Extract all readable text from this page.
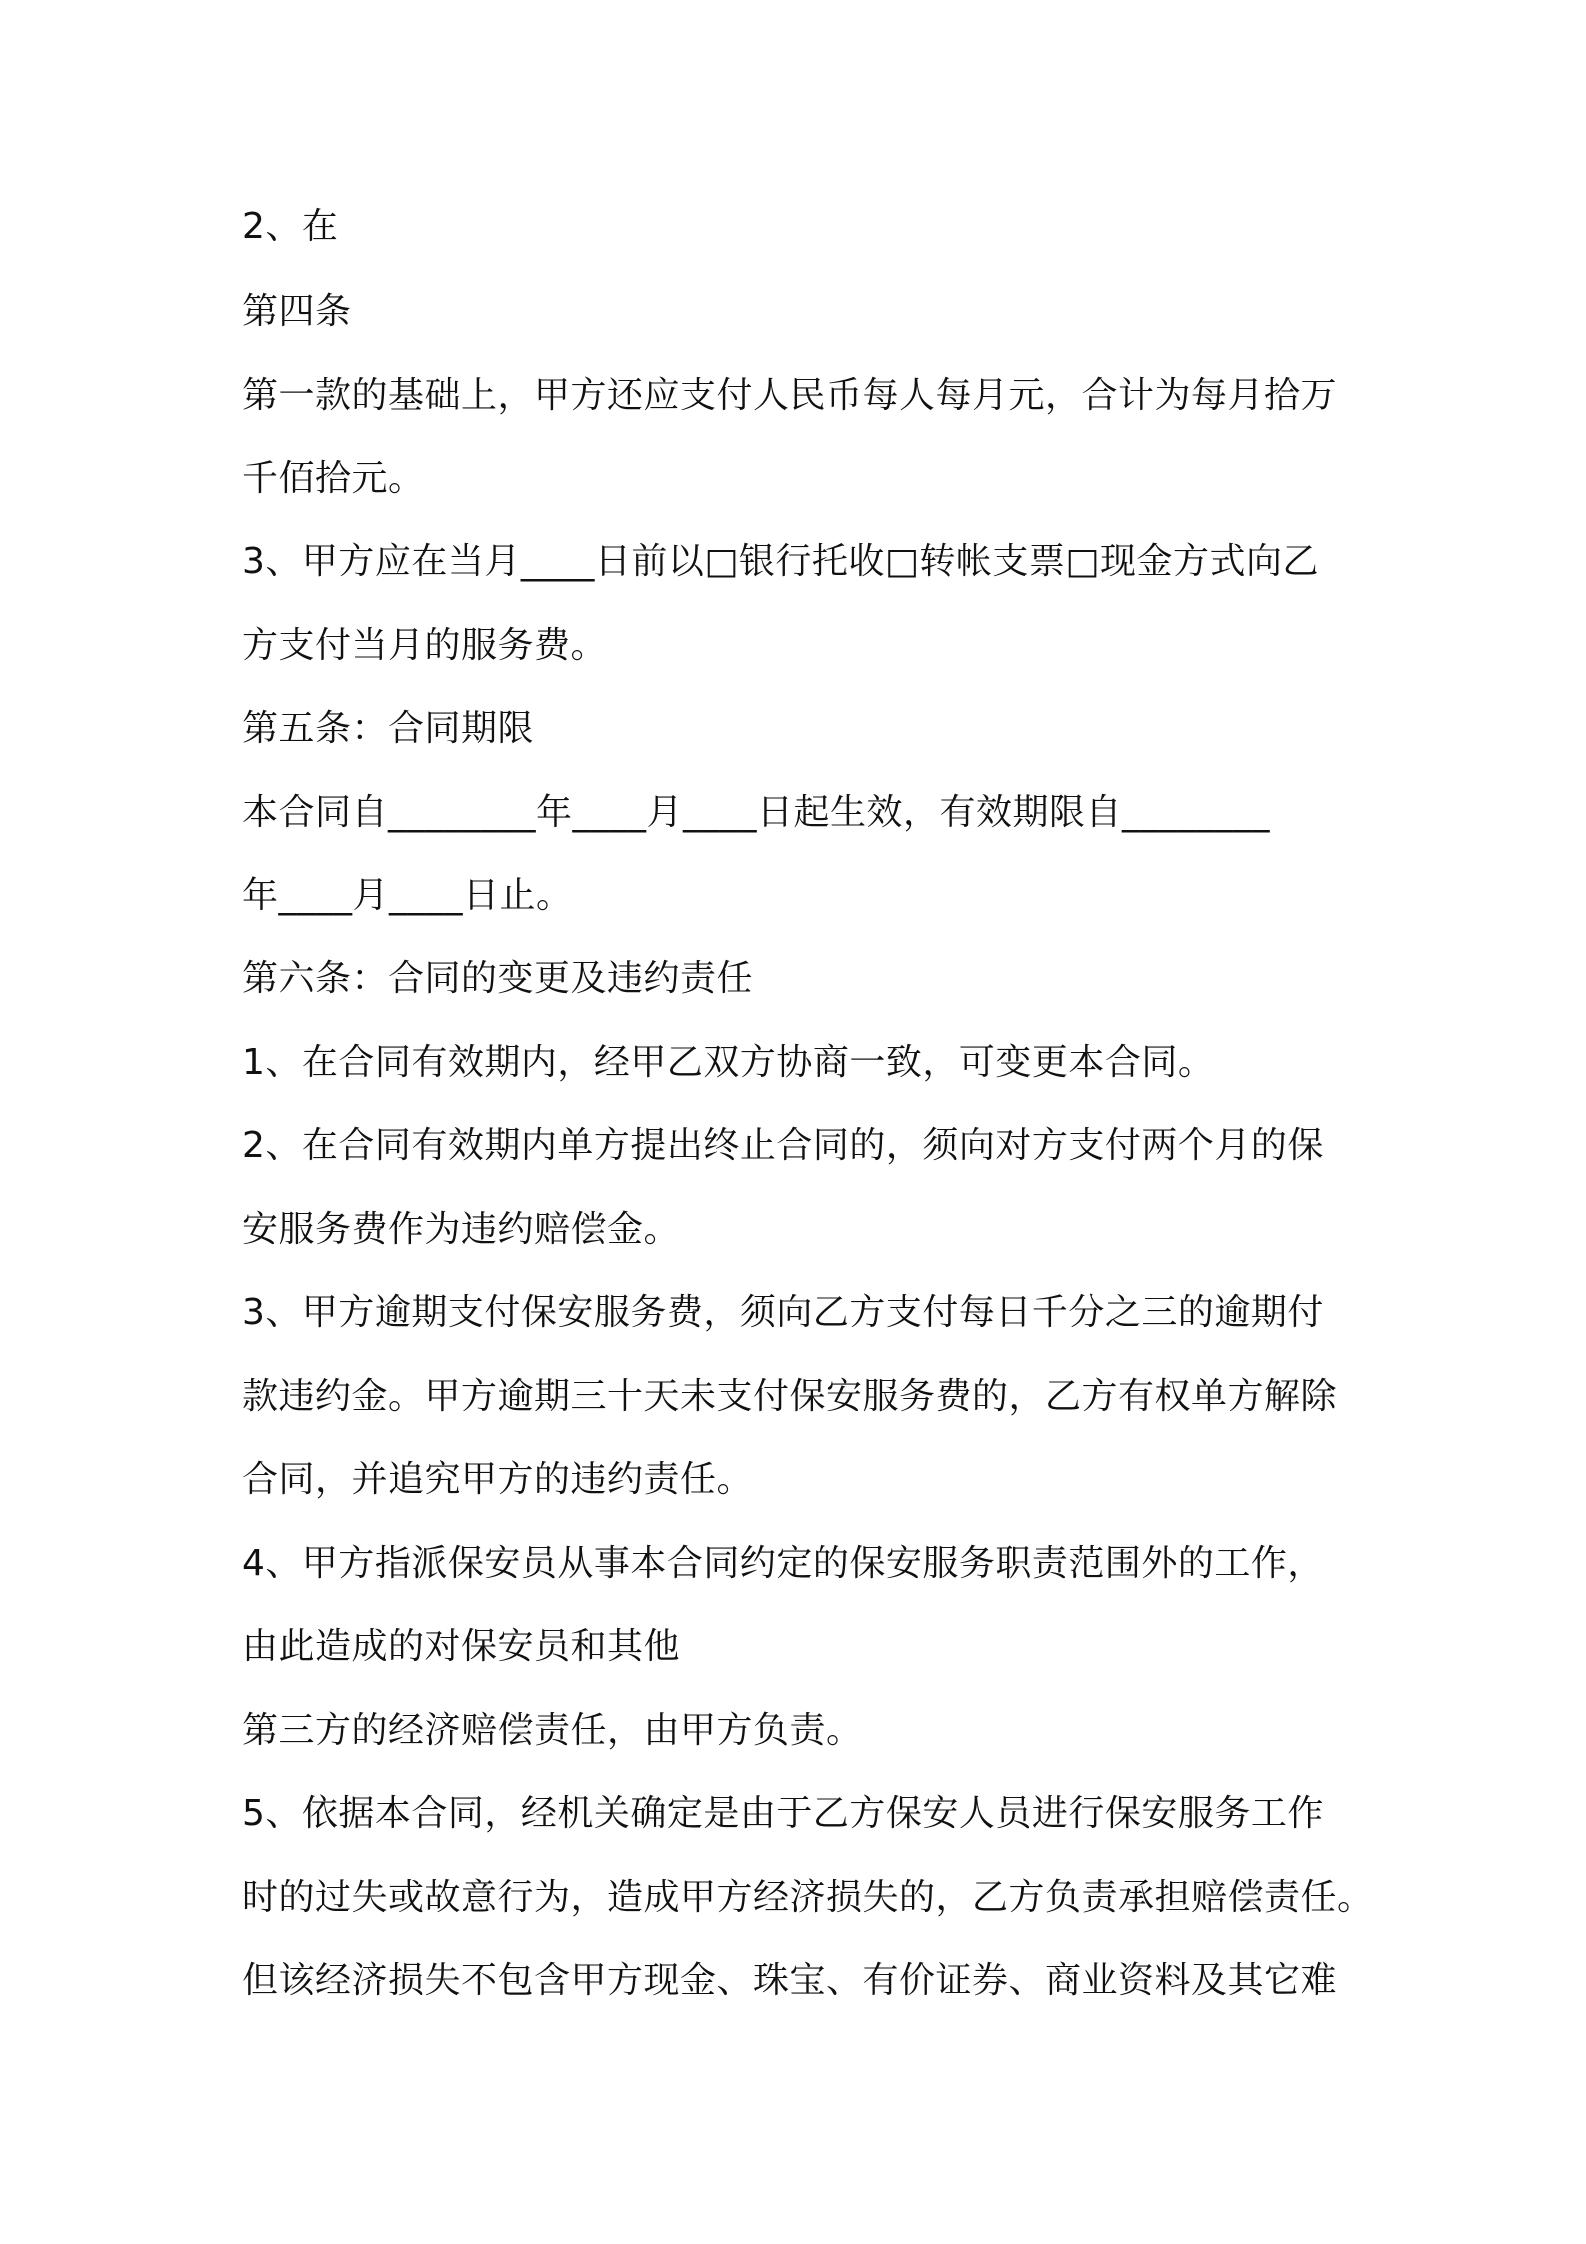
2、在
第四条
第一款的基础上，甲方还应支付人民币每人每月元，合计为每月拾万
千佰拾元。
3、甲方应在当月____日前以□银行托收□转帐支票□现金方式向乙
方支付当月的服务费。
第五条：合同期限
本合同自________年____月____日起生效，有效期限自________
年____月____日止。
第六条：合同的变更及违约责任
1、在合同有效期内，经甲乙双方协商一致，可变更本合同。
2、在合同有效期内单方提出终止合同的，须向对方支付两个月的保
安服务费作为违约赔偿金。
3、甲方逾期支付保安服务费，须向乙方支付每日千分之三的逾期付
款违约金。甲方逾期三十天未支付保安服务费的，乙方有权单方解除
合同，并追究甲方的违约责任。
4、甲方指派保安员从事本合同约定的保安服务职责范围外的工作，
由此造成的对保安员和其他
第三方的经济赔偿责任，由甲方负责。
5、依据本合同，经机关确定是由于乙方保安人员进行保安服务工作
时的过失或故意行为，造成甲方经济损失的，乙方负责承担赔偿责任。
但该经济损失不包含甲方现金、珠宝、有价证券、商业资料及其它难
